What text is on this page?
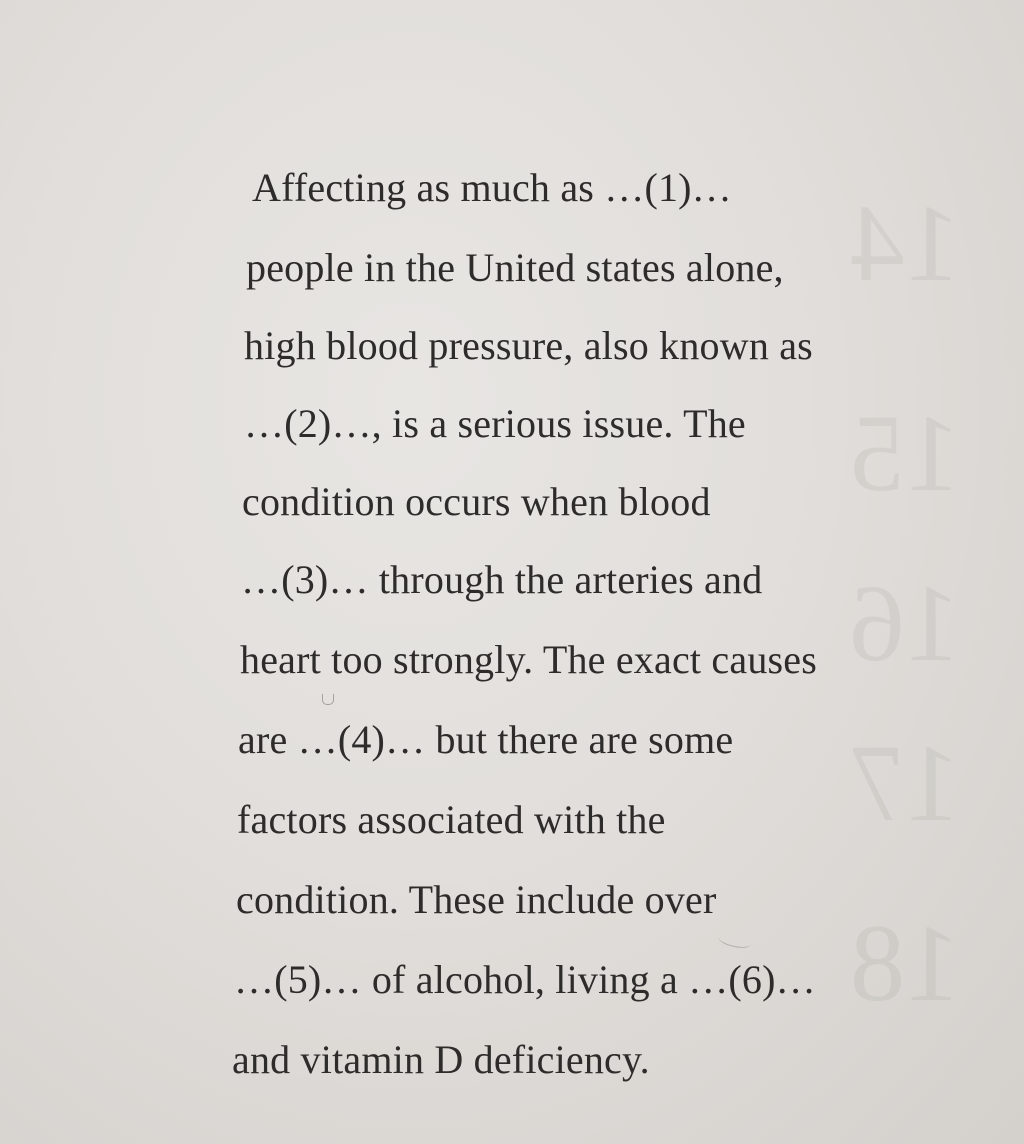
14
15
16
17
18
Affecting as much as …(1)…
people in the United states alone,
high blood pressure, also known as
…(2)…, is a serious issue. The
condition occurs when blood
…(3)… through the arteries and
heart too strongly. The exact causes
are …(4)… but there are some
factors associated with the
condition. These include over
…(5)… of alcohol, living a …(6)…
and vitamin D deficiency.
